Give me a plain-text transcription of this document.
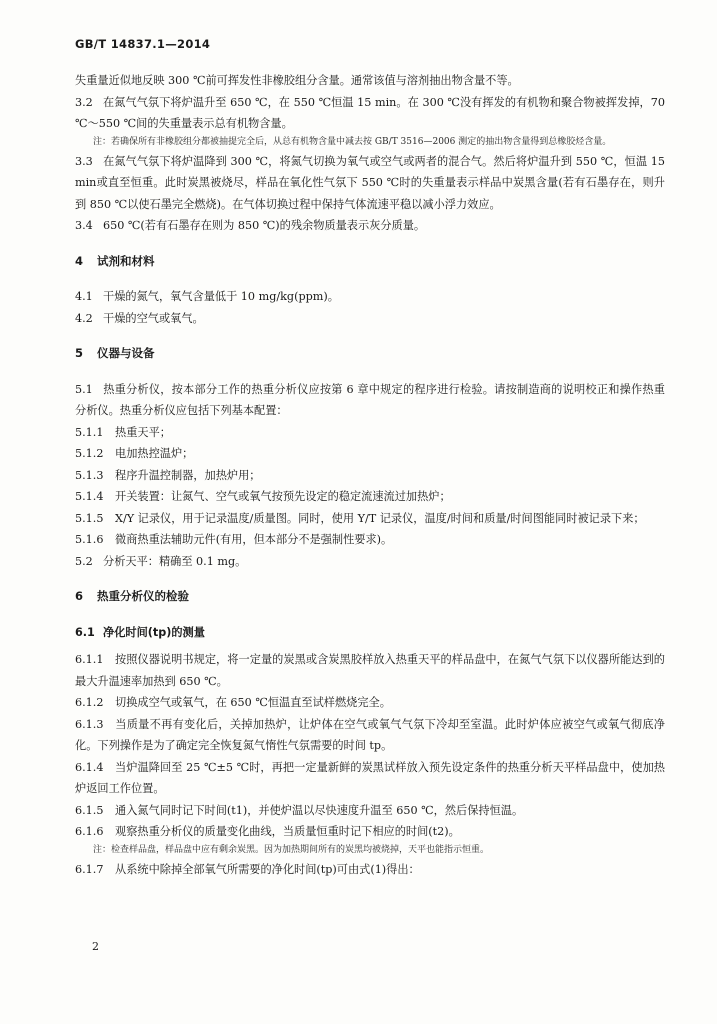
GB/T 14837.1—2014

失重量近似地反映 300 ℃前可挥发性非橡胶组分含量。通常该值与溶剂抽出物含量不等。

3.2 在氮气气氛下将炉温升至 650 ℃，在 550 ℃恒温 15 min。在 300 ℃没有挥发的有机物和聚合物被挥发掉，70 ℃～550 ℃间的失重量表示总有机物含量。

注：若确保所有非橡胶组分都被抽提完全后，从总有机物含量中减去按 GB/T 3516—2006 测定的抽出物含量得到总橡胶烃含量。

3.3 在氮气气氛下将炉温降到 300 ℃，将氮气切换为氧气或空气或两者的混合气。然后将炉温升到 550 ℃，恒温 15 min或直至恒重。此时炭黑被烧尽，样品在氧化性气氛下 550 ℃时的失重量表示样品中炭黑含量(若有石墨存在，则升到 850 ℃以使石墨完全燃烧)。在气体切换过程中保持气体流速平稳以减小浮力效应。

3.4 650 ℃(若有石墨存在则为 850 ℃)的残余物质量表示灰分质量。

4 试剂和材料

4.1 干燥的氮气，氧气含量低于 10 mg/kg(ppm)。

4.2 干燥的空气或氧气。

5 仪器与设备

5.1 热重分析仪，按本部分工作的热重分析仪应按第 6 章中规定的程序进行检验。请按制造商的说明校正和操作热重分析仪。热重分析仪应包括下列基本配置：

5.1.1 热重天平；

5.1.2 电加热控温炉；

5.1.3 程序升温控制器，加热炉用；

5.1.4 开关装置：让氮气、空气或氧气按预先设定的稳定流速流过加热炉；

5.1.5 X/Y 记录仪，用于记录温度/质量图。同时，使用 Y/T 记录仪，温度/时间和质量/时间图能同时被记录下来；

5.1.6 微商热重法辅助元件(有用，但本部分不是强制性要求)。

5.2 分析天平：精确至 0.1 mg。

6 热重分析仪的检验

6.1 净化时间(tp)的测量

6.1.1 按照仪器说明书规定，将一定量的炭黑或含炭黑胶样放入热重天平的样品盘中，在氮气气氛下以仪器所能达到的最大升温速率加热到 650 ℃。

6.1.2 切换成空气或氧气，在 650 ℃恒温直至试样燃烧完全。

6.1.3 当质量不再有变化后，关掉加热炉，让炉体在空气或氧气气氛下冷却至室温。此时炉体应被空气或氧气彻底净化。下列操作是为了确定完全恢复氮气惰性气氛需要的时间 tp。

6.1.4 当炉温降回至 25 ℃±5 ℃时，再把一定量新鲜的炭黑试样放入预先设定条件的热重分析天平样品盘中，使加热炉返回工作位置。

6.1.5 通入氮气同时记下时间(t1)，并使炉温以尽快速度升温至 650 ℃，然后保持恒温。

6.1.6 观察热重分析仪的质量变化曲线，当质量恒重时记下相应的时间(t2)。

注：检查样品盘，样品盘中应有剩余炭黑。因为加热期间所有的炭黑均被烧掉，天平也能指示恒重。

6.1.7 从系统中除掉全部氧气所需要的净化时间(tp)可由式(1)得出：

2
